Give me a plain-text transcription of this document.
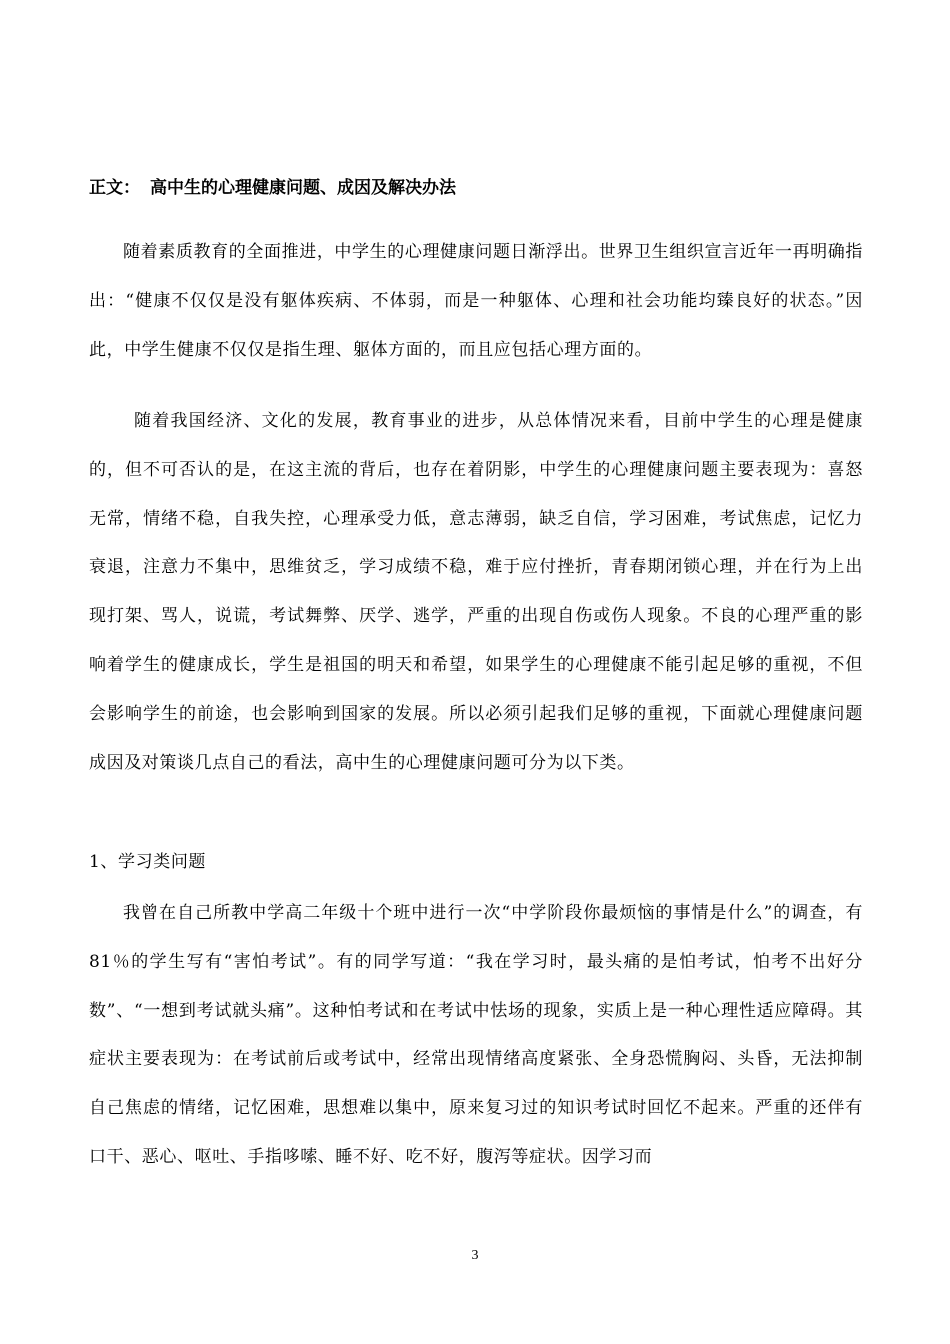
正文： 高中生的心理健康问题、成因及解决办法
随着素质教育的全面推进，中学生的心理健康问题日渐浮出。世界卫生组织宣言近年一再明确指出：“健康不仅仅是没有躯体疾病、不体弱，而是一种躯体、心理和社会功能均臻良好的状态。”因此，中学生健康不仅仅是指生理、躯体方面的，而且应包括心理方面的。
随着我国经济、文化的发展，教育事业的进步，从总体情况来看，目前中学生的心理是健康的，但不可否认的是，在这主流的背后，也存在着阴影，中学生的心理健康问题主要表现为：喜怒无常，情绪不稳，自我失控，心理承受力低，意志薄弱，缺乏自信，学习困难，考试焦虑，记忆力衰退，注意力不集中，思维贫乏，学习成绩不稳，难于应付挫折，青春期闭锁心理，并在行为上出现打架、骂人，说谎，考试舞弊、厌学、逃学，严重的出现自伤或伤人现象。不良的心理严重的影响着学生的健康成长，学生是祖国的明天和希望，如果学生的心理健康不能引起足够的重视，不但会影响学生的前途，也会影响到国家的发展。所以必须引起我们足够的重视，下面就心理健康问题成因及对策谈几点自己的看法，高中生的心理健康问题可分为以下类。
1、学习类问题
我曾在自己所教中学高二年级十个班中进行一次“中学阶段你最烦恼的事情是什么”的调查，有81％的学生写有“害怕考试”。有的同学写道：“我在学习时，最头痛的是怕考试，怕考不出好分数”、“一想到考试就头痛”。这种怕考试和在考试中怯场的现象，实质上是一种心理性适应障碍。其症状主要表现为：在考试前后或考试中，经常出现情绪高度紧张、全身恐慌胸闷、头昏，无法抑制自己焦虑的情绪，记忆困难，思想难以集中，原来复习过的知识考试时回忆不起来。严重的还伴有口干、恶心、呕吐、手指哆嗦、睡不好、吃不好，腹泻等症状。因学习而
3
